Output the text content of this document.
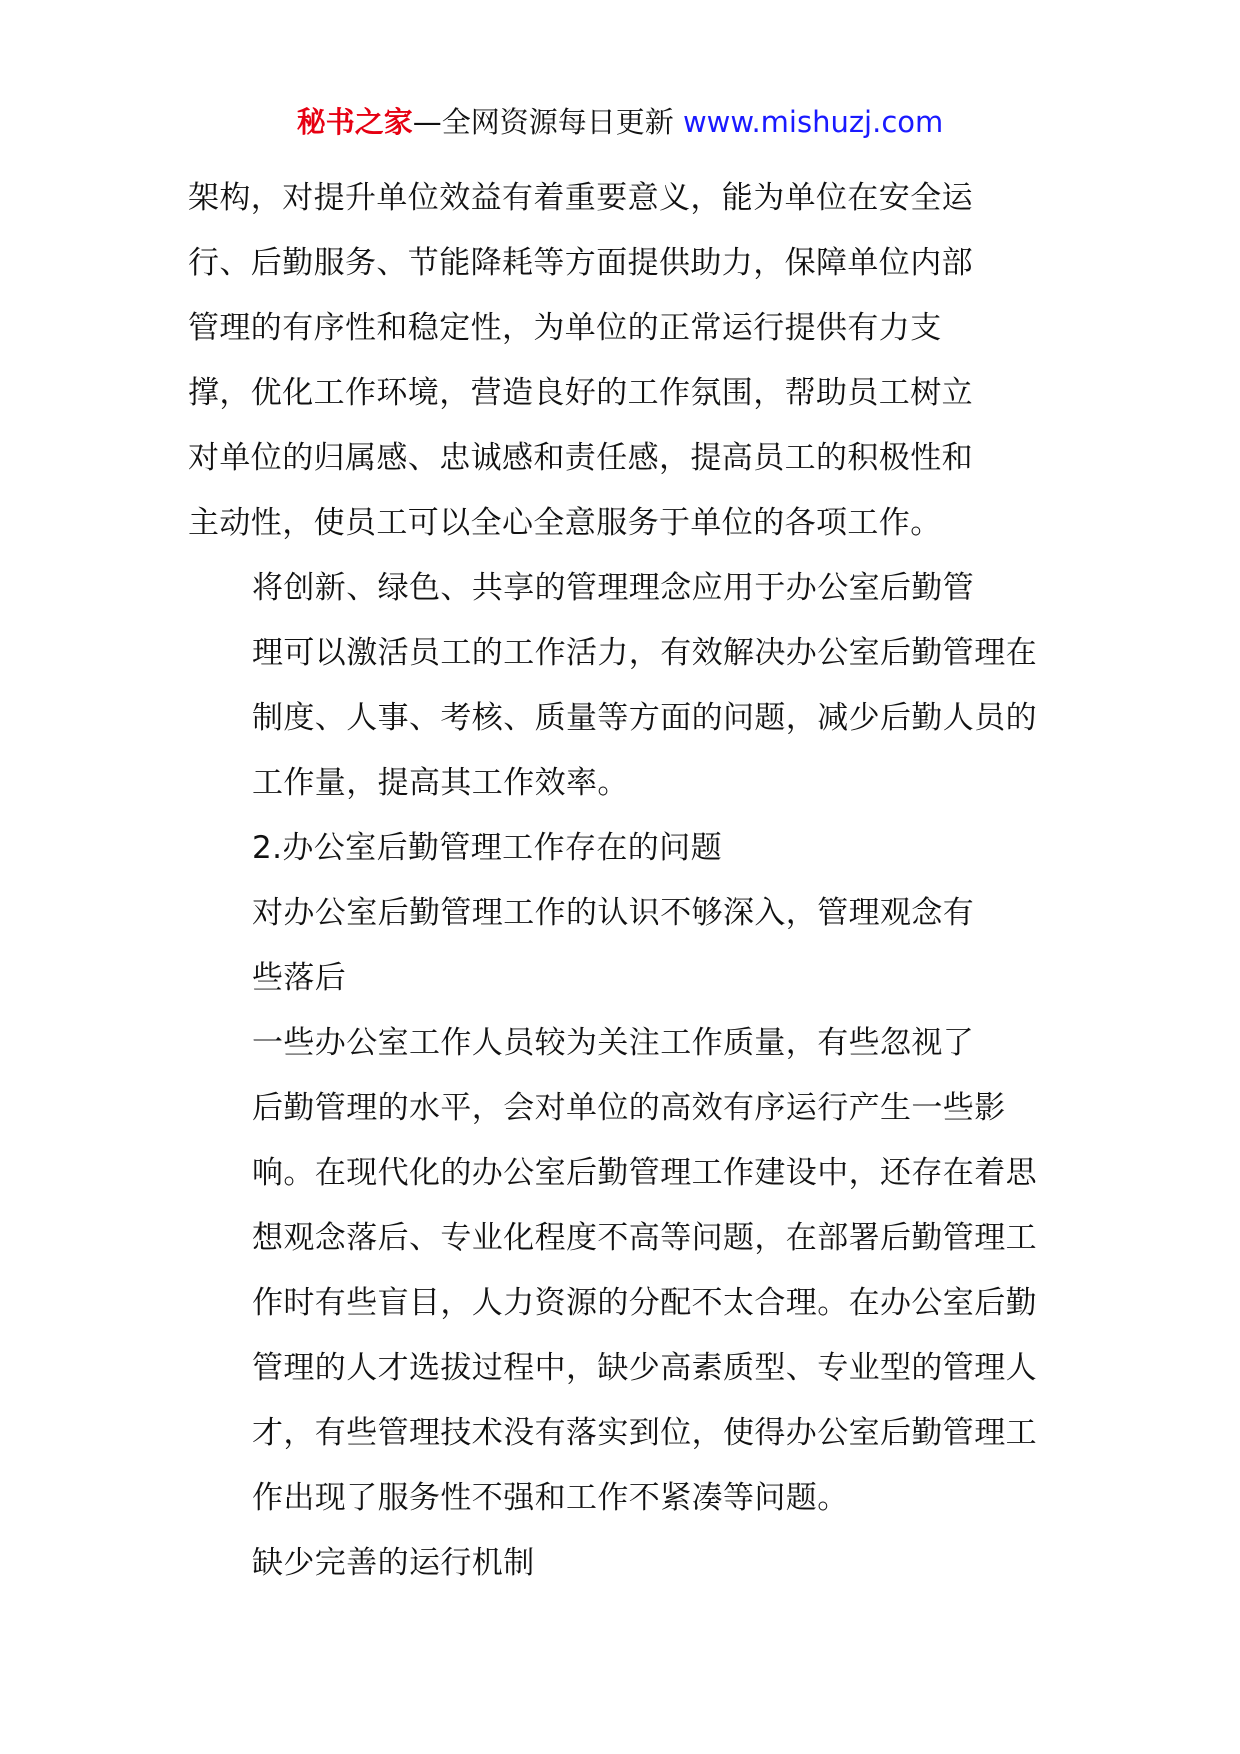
秘书之家—全网资源每日更新 www.mishuzj.com

架构，对提升单位效益有着重要意义，能为单位在安全运
行、后勤服务、节能降耗等方面提供助力，保障单位内部
管理的有序性和稳定性，为单位的正常运行提供有力支
撑，优化工作环境，营造良好的工作氛围，帮助员工树立
对单位的归属感、忠诚感和责任感，提高员工的积极性和
主动性，使员工可以全心全意服务于单位的各项工作。

将创新、绿色、共享的管理理念应用于办公室后勤管
理可以激活员工的工作活力，有效解决办公室后勤管理在
制度、人事、考核、质量等方面的问题，减少后勤人员的
工作量，提高其工作效率。

2.办公室后勤管理工作存在的问题

对办公室后勤管理工作的认识不够深入，管理观念有
些落后

一些办公室工作人员较为关注工作质量，有些忽视了
后勤管理的水平，会对单位的高效有序运行产生一些影
响。在现代化的办公室后勤管理工作建设中，还存在着思
想观念落后、专业化程度不高等问题，在部署后勤管理工
作时有些盲目，人力资源的分配不太合理。在办公室后勤
管理的人才选拔过程中，缺少高素质型、专业型的管理人
才，有些管理技术没有落实到位，使得办公室后勤管理工
作出现了服务性不强和工作不紧凑等问题。

缺少完善的运行机制
